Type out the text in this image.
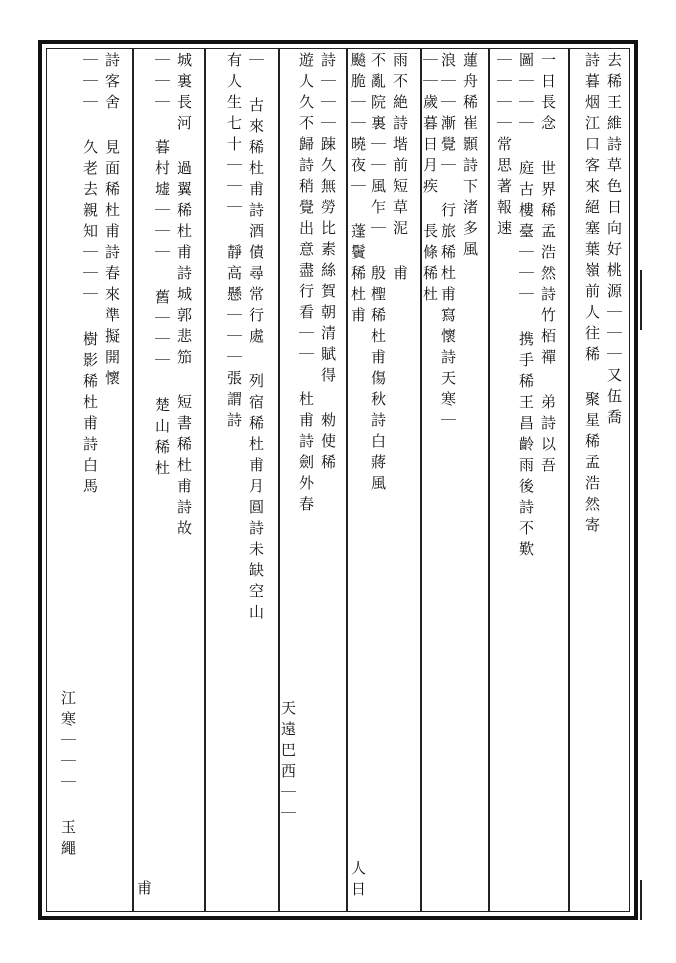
去稀王維詩草色日向好桃源｜｜｜又伍喬
詩暮烟江口客來絕塞葉嶺前人往稀 聚星稀孟浩然寄
一日長念 世界稀孟浩然詩竹栢禪 弟詩以吾
圖｜｜｜ 庭古樓臺｜｜｜ 携手稀王昌齡雨後詩不歎
｜｜｜｜常思著報速
蓮舟稀崔顥詩下渚多風
浪｜｜漸覺｜ 行旅稀杜甫寫懷詩天寒｜
｜｜歲暮日月疾 長條稀杜
雨不絶詩堦前短草泥 甫
不亂院裏｜｜風乍｜ 殷檉稀杜甫傷秋詩白蔣風
飈脆｜｜曉夜｜ 蓬鬢稀杜甫
人日
詩｜｜｜踈久無勞比素絲賀朝清賦得 勑使稀
遊人久不歸詩稍覺出意盡行看｜｜ 杜甫詩劍外春
天遠巴西｜｜
｜ 古來稀杜甫詩酒債尋常行處 列宿稀杜甫月圓詩未缺空山
有人生七十｜｜｜ 靜高懸｜｜｜張謂詩
城裏長河 過翼稀杜甫詩城郭悲笳 短書稀杜甫詩故
｜｜｜ 暮村墟｜｜｜ 舊｜｜｜ 楚山稀杜
甫
詩客舍 見面稀杜甫詩春來準擬開懷
｜｜｜ 久老去親知｜｜｜ 樹影稀杜甫詩白馬
江寒｜｜｜ 玉繩
